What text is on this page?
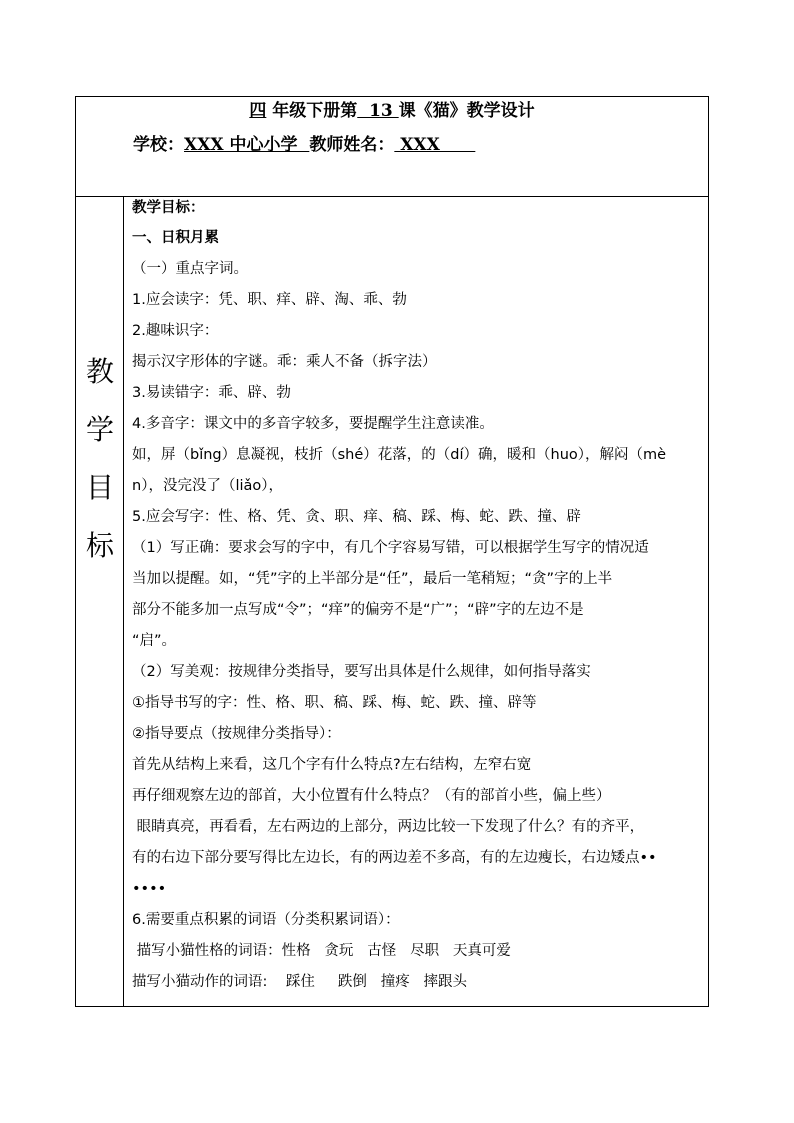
四 年级下册第  13 课《猫》教学设计
学校：XXX 中心小学  教师姓名： XXX
教
学
目
标
教学目标：
一、日积月累
（一）重点字词。
1.应会读字：凭、职、痒、辟、淘、乖、勃
2.趣味识字：
揭示汉字形体的字谜。乖：乘人不备（拆字法）
3.易读错字：乖、辟、勃
4.多音字：课文中的多音字较多，要提醒学生注意读准。
如，屏（bǐng）息凝视，枝折（shé）花落，的（dí）确，暖和（huo），解闷（mè
n），没完没了（liǎo），
5.应会写字：性、格、凭、贪、职、痒、稿、踩、梅、蛇、跌、撞、辟
（1）写正确：要求会写的字中，有几个字容易写错，可以根据学生写字的情况适
当加以提醒。如，“凭”字的上半部分是“任”，最后一笔稍短；“贪”字的上半
部分不能多加一点写成“令”；“痒”的偏旁不是“广”；“辟”字的左边不是
“启”。
（2）写美观：按规律分类指导，要写出具体是什么规律，如何指导落实
①指导书写的字：性、格、职、稿、踩、梅、蛇、跌、撞、辟等
②指导要点（按规律分类指导）：
首先从结构上来看，这几个字有什么特点?左右结构，左窄右宽
再仔细观察左边的部首，大小位置有什么特点？（有的部首小些，偏上些）
眼睛真亮，再看看，左右两边的上部分，两边比较一下发现了什么？有的齐平，
有的右边下部分要写得比左边长，有的两边差不多高，有的左边瘦长，右边矮点••
••••
6.需要重点积累的词语（分类积累词语）：
描写小猫性格的词语：性格   贪玩   古怪   尽职   天真可爱
描写小猫动作的词语:    踩住     跌倒   撞疼   摔跟头
